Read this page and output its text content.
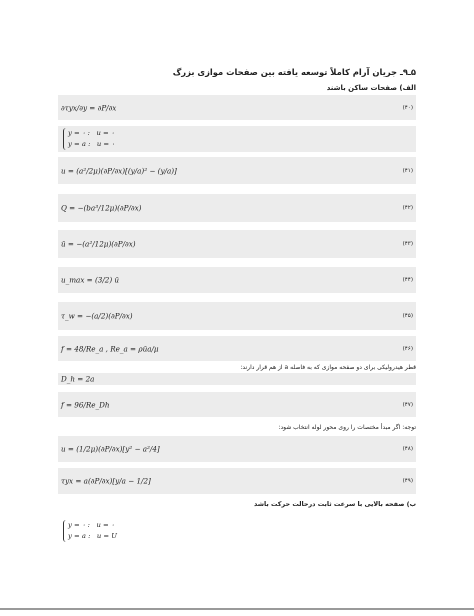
۵ـ۹ـ جریان آرام کاملاً توسعه یافته بین صفحات موازی بزرگ
الف) صفحات ساکن باشند
∂τyx/∂y = ∂P/∂x	(۴۰)
y = ۰ :   u = ۰
y = a :   u = ۰
u = (a²/2μ)(∂P/∂x)[(y/a)² − (y/a)]	(۴۱)
Q = −(ba³/12μ)(∂P/∂x)	(۴۲)
ū = −(a²/12μ)(∂P/∂x)	(۴۳)
u_max = (3/2) ū	(۴۴)
τ_w = −(a/2)(∂P/∂x)	(۴۵)
f = 48/Re_a , Re_a = ρūa/μ	(۴۶)
قطر هیدرولیکی برای دو صفحه موازی که به فاصله a از هم قرار دارند:
D_h = 2a
f = 96/Re_Dh	(۴۷)
توجه: اگر مبدأ مختصات را روی محور لوله انتخاب شود:
u = (1/2μ)(∂P/∂x)[y² − a²/4]	(۴۸)
τyx = a(∂P/∂x)[y/a − 1/2]	(۴۹)
ب) صفحه بالایی با سرعت ثابت درحالت حرکت باشد
y = ۰ :   u = ۰
y = a :   u = U
